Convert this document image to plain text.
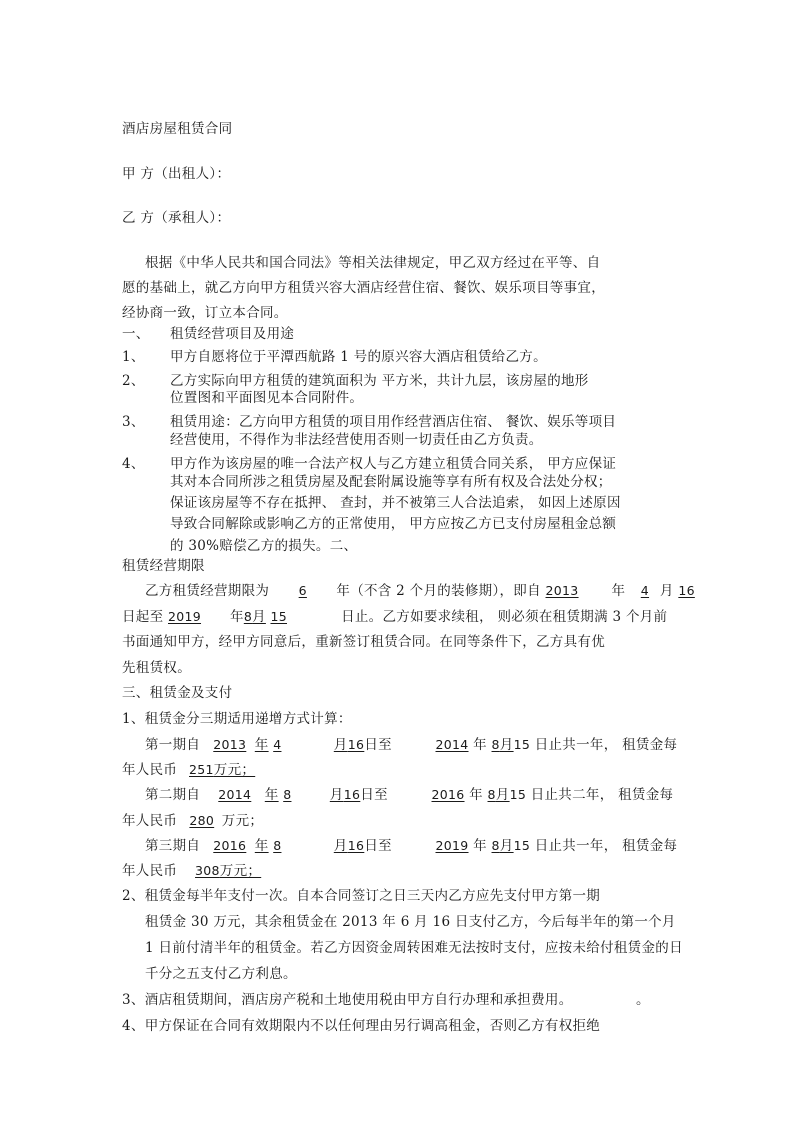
酒店房屋租赁合同
甲 方（出租人）：
乙 方（承租人）：
根据《中华人民共和国合同法》等相关法律规定，甲乙双方经过在平等、自
愿的基础上，就乙方向甲方租赁兴容大酒店经营住宿、餐饮、娱乐项目等事宜，
经协商一致，订立本合同。
一、 租赁经营项目及用途
1、 甲方自愿将位于平潭西航路 1 号的原兴容大酒店租赁给乙方。
2、 乙方实际向甲方租赁的建筑面积为 平方米，共计九层，该房屋的地形
位置图和平面图见本合同附件。
3、 租赁用途：乙方向甲方租赁的项目用作经营酒店住宿、 餐饮、娱乐等项目
经营使用，不得作为非法经营使用否则一切责任由乙方负责。
4、 甲方作为该房屋的唯一合法产权人与乙方建立租赁合同关系， 甲方应保证
其对本合同所涉之租赁房屋及配套附属设施等享有所有权及合法处分权；
保证该房屋等不存在抵押、 查封，并不被第三人合法追索， 如因上述原因
导致合同解除或影响乙方的正常使用， 甲方应按乙方已支付房屋租金总额
的 30%赔偿乙方的损失。二、
租赁经营期限
乙方租赁经营期限为 6 年（不含 2 个月的装修期），即自 2013 年 4 月 16
日起至 2019 年8月 15	日止。乙方如要求续租， 则必须在租赁期满 3 个月前
书面通知甲方，经甲方同意后，重新签订租赁合同。在同等条件下，乙方具有优
先租赁权。
三、租赁金及支付
1、租赁金分三期适用递增方式计算：
第一期自 2013 年 4	月16日至	2014 年 8月15 日止共一年， 租赁金每
年人民币 251万元；
第二期自 2014 年 8	月16日至	2016 年 8月15 日止共二年， 租赁金每
年人民币 280 万元；
第三期自 2016 年 8	月16日至	2019 年 8月15 日止共一年， 租赁金每
年人民币 308万元；
2、租赁金每半年支付一次。自本合同签订之日三天内乙方应先支付甲方第一期
租赁金 30 万元，其余租赁金在 2013 年 6 月 16 日支付乙方，今后每半年的第一个月
1 日前付清半年的租赁金。若乙方因资金周转困难无法按时支付，应按未给付租赁金的日
千分之五支付乙方利息。
3、酒店租赁期间，酒店房产税和土地使用税由甲方自行办理和承担费用。	。
4、甲方保证在合同有效期限内不以任何理由另行调高租金，否则乙方有权拒绝
